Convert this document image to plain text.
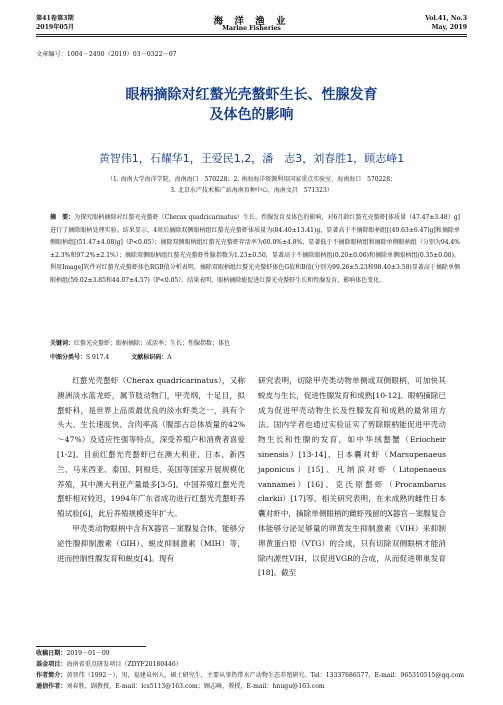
第41卷第3期
2019年05月
海 洋 渔 业
Marine Fisheries
Vol.41, No.3
May, 2019
文章编号：1004－2490（2019）03－0322－07
眼柄摘除对红螯光壳螯虾生长、性腺发育
及体色的影响
黄智伟1，石耀华1，王爱民1,2，潘　志3，刘春胜1，顾志峰1
（1. 海南大学海洋学院，海南海口　570228；2. 南海海洋资源利用国家重点实验室，海南海口　570228；
3. 北京水产技术推广站海南育种中心，海南文昌　571323）
摘　要：为探究眼柄摘除对红螯光壳螯虾（Cherax quadricarinatus）生长、性腺发育及体色的影响，对6月龄红螯光壳螯虾[体质量（47.47±3.48）g]进行了摘除眼柄处理实验。结果显示，4周后摘除双侧眼柄组红螯光壳螯虾体质量为(84.40±13.41)g，显著高于不摘除眼柄组[(49.63±6.47)g]和摘除单侧眼柄组[(51.47±4.08)g]（P<0.05）；摘除双侧眼柄组红螯光壳螯虾存活率为60.0%±4.8%，显著低于不摘除眼柄组和摘除单侧眼柄组（分别为94.4%±2.3%和97.2%±2.1%）；摘除双侧眼柄组红螯光壳螯虾性腺指数为1.23±0.50，显著高于不摘除眼柄组(0.20±0.06)和摘除单侧眼柄组(0.35±0.08)。利用ImageJ软件对红螯光壳螯虾体色RGB值分析表明，摘除双眼柄组红螯光壳螯虾体色G值和B值(分别为99.26±5.23和98.40±3.58)显著高于摘除单侧眼柄组(59.02±3.85和44.07±4.57)（P<0.05）。结果表明，眼柄摘除能促进红螯光壳螯虾生长和性腺发育，影响体色变化。
关键词：红螯光壳螯虾；眼柄摘除；成活率；生长；性腺指数；体色
中图分类号：S 917.4	文献标识码：A

红螯光壳螯虾（Cherax quadricarinatus），又称澳洲淡水蓝龙虾，属节肢动物门，甲壳纲，十足目，拟螯虾科，是世界上品质最优良的淡水虾类之一，具有个头大、生长速度快、含肉率高（腹部占总体质量的42%～47%）及适应性强等特点，深受养殖户和消费者喜爱[1-2]。目前红螯光壳螯虾已在澳大利亚、日本、新西兰、马来西亚、泰国、阿根廷、美国等国家开展规模化养殖，其中澳大利亚产量最多[3-5]。中国养殖红螯光壳螯虾相对较迟，1994年广东省成功进行红螯光壳螯虾养殖试验[6]，此后养殖规模逐年扩大。

甲壳类动物眼柄中含有X器官－窦腺复合体，能够分泌性腺抑制激素（GIH）、蜕皮抑制激素（MIH）等，进而控制性腺发育和蜕皮[4]。现有

研究表明，切除甲壳类动物单侧或双侧眼柄，可加快其蜕皮与生长，促进性腺发育和成熟[10-12]。眼柄摘除已成为促进甲壳动物生长及性腺发育和成熟的最常用方法。国内学者也通过实验证实了剪除眼柄能促进甲壳动物生长和性腺的发育，如中华绒螯蟹（Eriocheir sinensis）[13-14]、日本囊对虾（Marsupenaeus japonicus）[15]、凡纳滨对虾（Litopenaeus vannamei）[16]、克氏原螯虾（Procambarus clarkii）[17]等。相关研究表明，在未成熟的雌性日本囊对虾中，摘除单侧眼柄的雌虾残留的X器官－窦腺复合体能够分泌足够量的卵黄发生抑制激素（VIH）来抑制卵黄蛋白原（VTG）的合成，只有切除双侧眼柄才能消除内源性VIH，以促进VGR的合成，从而促进卵巢发育[18]。截至

收稿日期：2019－01－09
基金项目：海南省重点研发项目（ZDYF20180446）
作者简介：黄智伟（1992－），男，福建泉州人，硕士研究生，主要从事热带水产动物生态养殖研究。Tel：13337686577，E-mail：965310515@qq.com
通信作者：刘春胜，副教授，E-mail：lcs5113@163.com；顾志峰，教授，E-mail：hnugu@163.com
